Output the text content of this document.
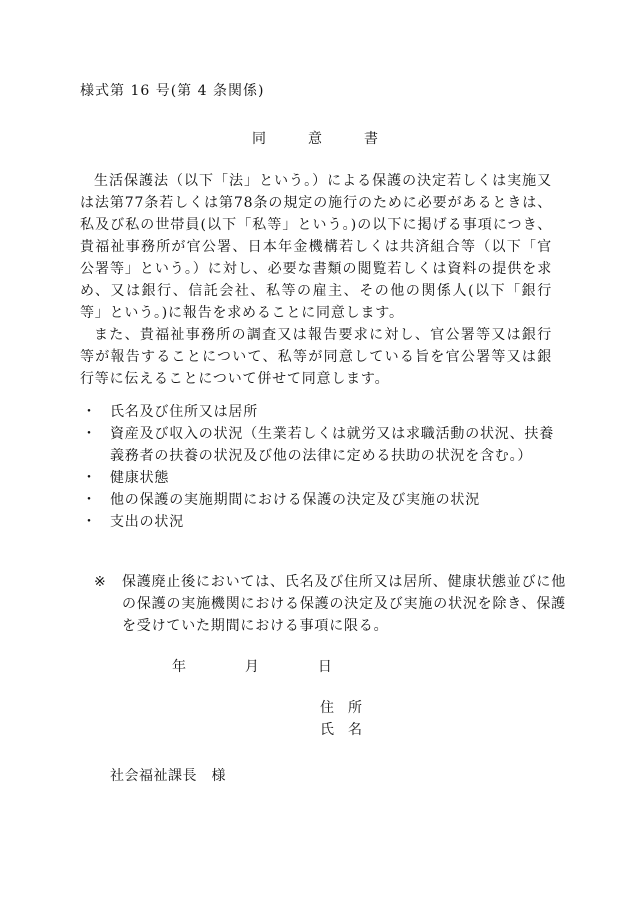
様式第 16 号(第 4 条関係)
同　　　意　　　書

生活保護法（以下「法」という。）による保護の決定若しくは実施又は法第77条若しくは第78条の規定の施行のために必要があるときは、私及び私の世帯員(以下「私等」という。)の以下に掲げる事項につき、貴福祉事務所が官公署、日本年金機構若しくは共済組合等（以下「官公署等」という。）に対し、必要な書類の閲覧若しくは資料の提供を求め、又は銀行、信託会社、私等の雇主、その他の関係人(以下「銀行等」という。)に報告を求めることに同意します。

また、貴福祉事務所の調査又は報告要求に対し、官公署等又は銀行等が報告することについて、私等が同意している旨を官公署等又は銀行等に伝えることについて併せて同意します。

・ 氏名及び住所又は居所
・ 資産及び収入の状況（生業若しくは就労又は求職活動の状況、扶養義務者の扶養の状況及び他の法律に定める扶助の状況を含む。）
・ 健康状態
・ 他の保護の実施期間における保護の決定及び実施の状況
・ 支出の状況
※	保護廃止後においては、氏名及び住所又は居所、健康状態並びに他の保護の実施機関における保護の決定及び実施の状況を除き、保護を受けていた期間における事項に限る。
年	月	日
住所
氏名
社会福祉課長　様
